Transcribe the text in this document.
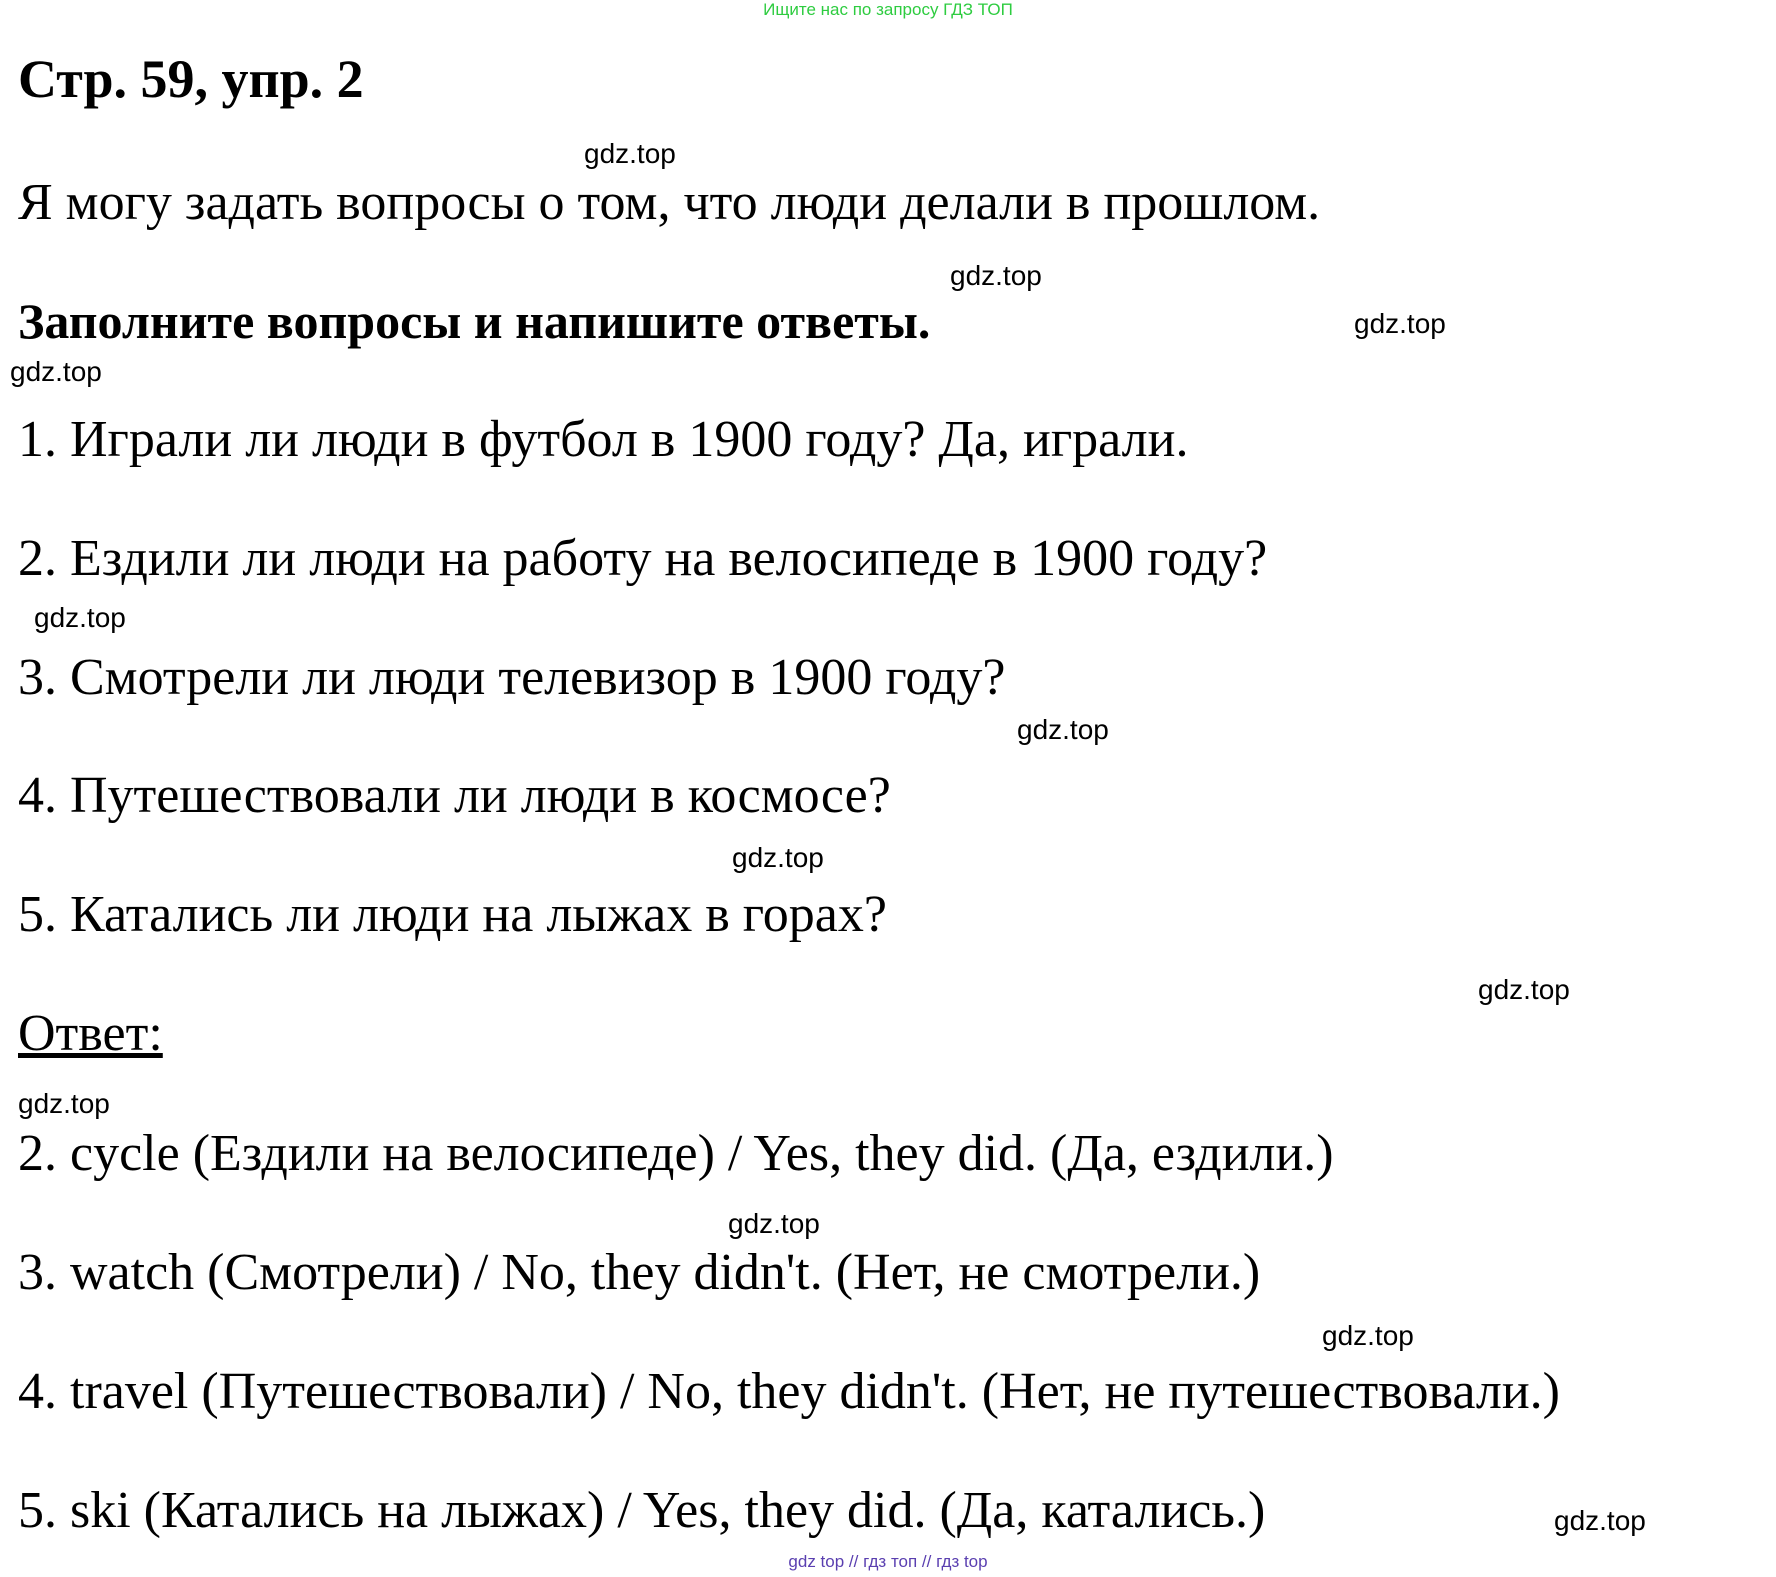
Ищите нас по запросу ГДЗ ТОП
Стр. 59, упр. 2
gdz.top
Я могу задать вопросы о том, что люди делали в прошлом.
gdz.top
Заполните вопросы и напишите ответы.	gdz.top
gdz.top
1. Играли ли люди в футбол в 1900 году? Да, играли.
2. Ездили ли люди на работу на велосипеде в 1900 году?
gdz.top
3. Смотрели ли люди телевизор в 1900 году?
gdz.top
4. Путешествовали ли люди в космосе?
gdz.top
5. Катались ли люди на лыжах в горах?
gdz.top
Ответ:
gdz.top
2. cycle (Ездили на велосипеде) / Yes, they did. (Да, ездили.)
gdz.top
3. watch (Смотрели) / No, they didn't. (Нет, не смотрели.)
gdz.top
4. travel (Путешествовали) / No, they didn't. (Нет, не путешествовали.)
5. ski (Катались на лыжах) / Yes, they did. (Да, катались.)	gdz.top
gdz top // гдз топ // гдз top
